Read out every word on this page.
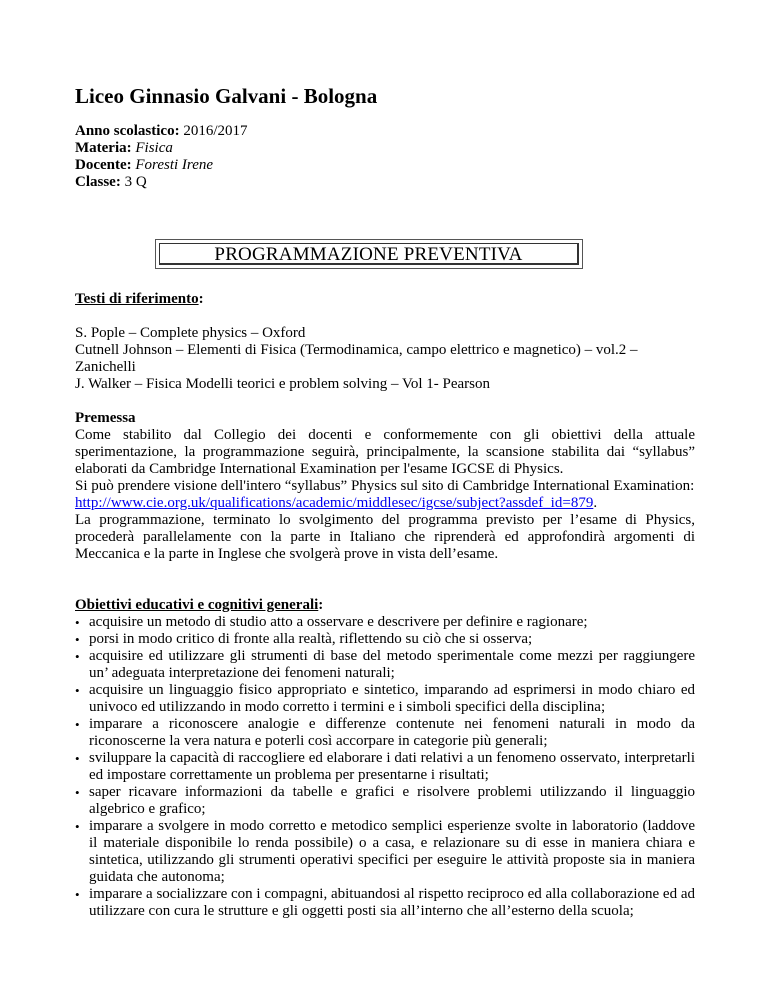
Liceo Ginnasio Galvani - Bologna
Anno scolastico: 2016/2017
Materia: Fisica
Docente: Foresti Irene
Classe: 3 Q
PROGRAMMAZIONE PREVENTIVA
Testi di riferimento:
S. Pople – Complete physics – Oxford
Cutnell Johnson – Elementi di Fisica (Termodinamica, campo elettrico e magnetico) – vol.2 –
Zanichelli
J. Walker – Fisica Modelli teorici e problem solving – Vol 1- Pearson
Premessa
Come stabilito dal Collegio dei docenti e conformemente con gli obiettivi della attuale sperimentazione, la programmazione seguirà, principalmente, la scansione stabilita dai “syllabus” elaborati da Cambridge International Examination per l'esame IGCSE di Physics.
Si può prendere visione dell'intero “syllabus” Physics sul sito di Cambridge International Examination:
http://www.cie.org.uk/qualifications/academic/middlesec/igcse/subject?assdef_id=879.
La programmazione, terminato lo svolgimento del programma previsto per l’esame di Physics, procederà parallelamente con la parte in Italiano che riprenderà ed approfondirà argomenti di Meccanica e la parte in Inglese che svolgerà prove in vista dell’esame.
Obiettivi educativi e cognitivi generali:
• acquisire un metodo di studio atto a osservare e descrivere per definire e ragionare;
• porsi in modo critico di fronte alla realtà, riflettendo su ciò che si osserva;
• acquisire ed utilizzare gli strumenti di base del metodo sperimentale come mezzi per raggiungere un’ adeguata interpretazione dei fenomeni naturali;
• acquisire un linguaggio fisico appropriato e sintetico, imparando ad esprimersi in modo chiaro ed univoco ed utilizzando in modo corretto i termini e i simboli specifici della disciplina;
• imparare a riconoscere analogie e differenze contenute nei fenomeni naturali in modo da riconoscerne la vera natura e poterli così accorpare in categorie più generali;
• sviluppare la capacità di raccogliere ed elaborare i dati relativi a un fenomeno osservato, interpretarli ed impostare correttamente un problema per presentarne i risultati;
• saper ricavare informazioni da tabelle e grafici e risolvere problemi utilizzando il linguaggio algebrico e grafico;
• imparare a svolgere in modo corretto e metodico semplici esperienze svolte in laboratorio (laddove il materiale disponibile lo renda possibile) o a casa, e relazionare su di esse in maniera chiara e sintetica, utilizzando gli strumenti operativi specifici per eseguire le attività proposte sia in maniera guidata che autonoma;
• imparare a socializzare con i compagni, abituandosi al rispetto reciproco ed alla collaborazione ed ad utilizzare con cura le strutture e gli oggetti posti sia all’interno che all’esterno della scuola;
